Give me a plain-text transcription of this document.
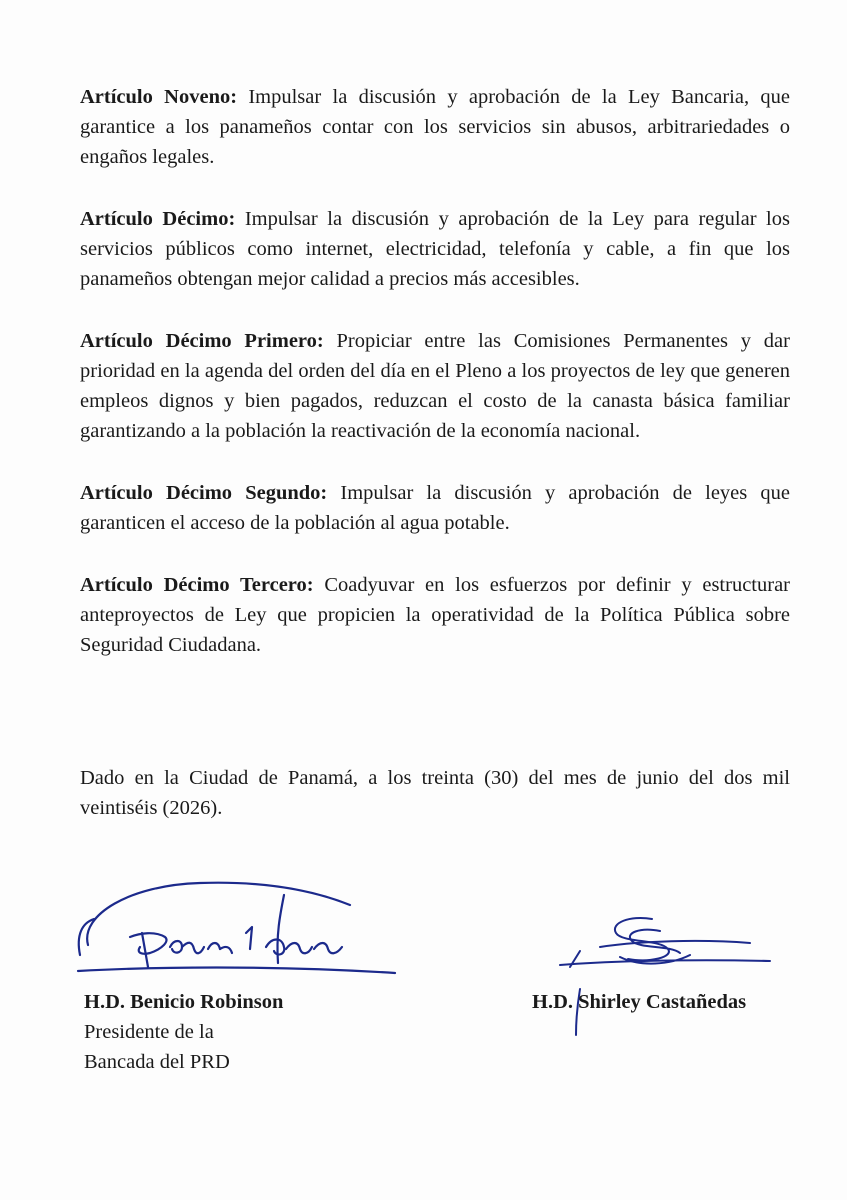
Artículo Noveno: Impulsar la discusión y aprobación de la Ley Bancaria, que garantice a los panameños contar con los servicios sin abusos, arbitrariedades o engaños legales.

Artículo Décimo: Impulsar la discusión y aprobación de la Ley para regular los servicios públicos como internet, electricidad, telefonía y cable, a fin que los panameños obtengan mejor calidad a precios más accesibles.

Artículo Décimo Primero: Propiciar entre las Comisiones Permanentes y dar prioridad en la agenda del orden del día en el Pleno a los proyectos de ley que generen empleos dignos y bien pagados, reduzcan el costo de la canasta básica familiar garantizando a la población la reactivación de la economía nacional.

Artículo Décimo Segundo: Impulsar la discusión y aprobación de leyes que garanticen el acceso de la población al agua potable.

Artículo Décimo Tercero: Coadyuvar en los esfuerzos por definir y estructurar anteproyectos de Ley que propicien la operatividad de la Política Pública sobre Seguridad Ciudadana.

Dado en la Ciudad de Panamá, a los treinta (30) del mes de junio del dos mil veintiséis (2026).

H.D. Benicio Robinson
Presidente de la
Bancada del PRD
H.D. Shirley Castañedas
